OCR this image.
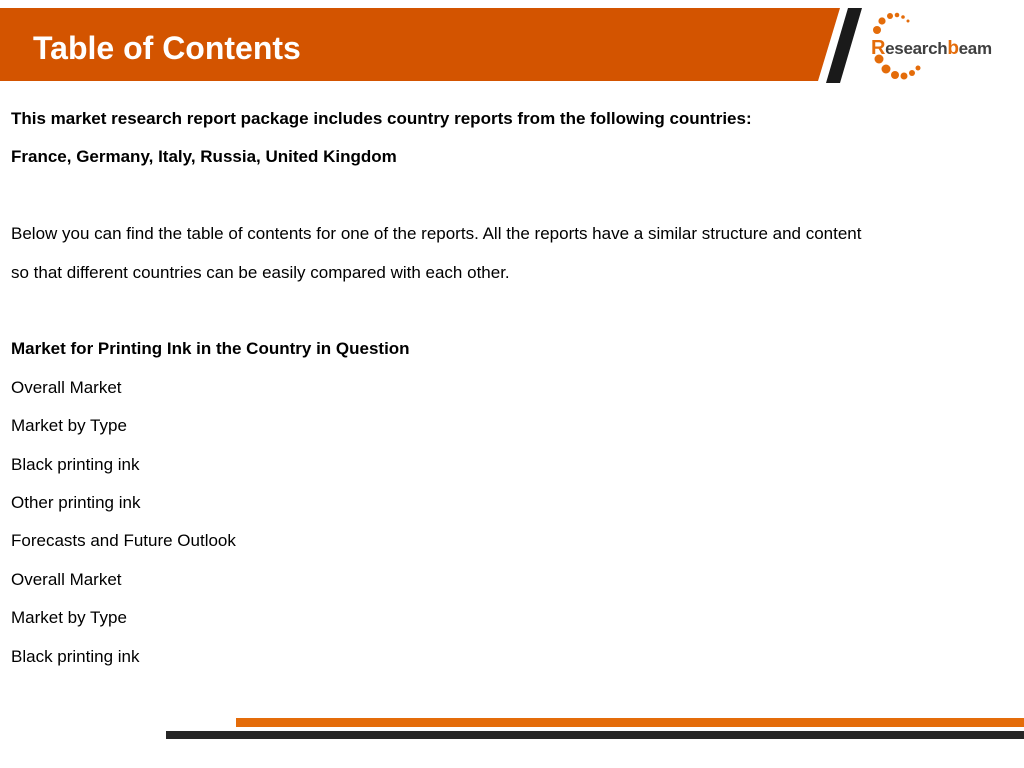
Table of Contents	Researchbeam
This market research report package includes country reports from the following countries:
France, Germany, Italy, Russia, United Kingdom
Below you can find the table of contents for one of the reports. All the reports have a similar structure and content
so that different countries can be easily compared with each other.
Market for Printing Ink in the Country in Question
Overall Market
Market by Type
Black printing ink
Other printing ink
Forecasts and Future Outlook
Overall Market
Market by Type
Black printing ink
